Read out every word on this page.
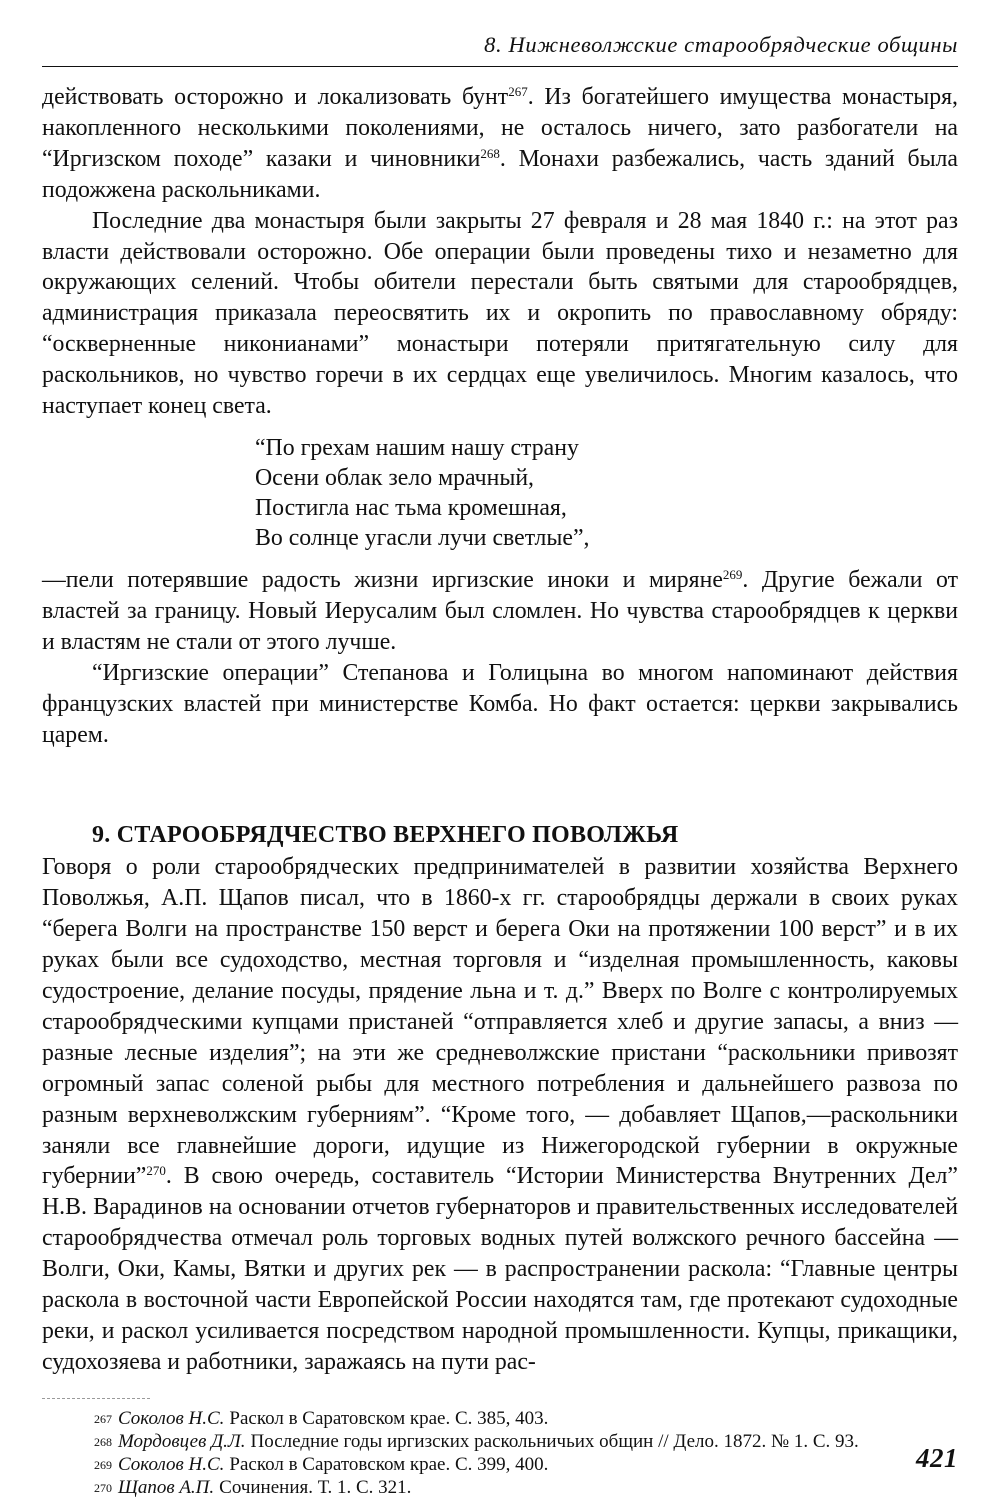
8. Нижневолжские старообрядческие общины

действовать осторожно и локализовать бунт$^{267}$. Из богатейшего имущества монастыря, накопленного несколькими поколениями, не осталось ничего, зато разбогатели на “Иргизском походе” казаки и чиновники$^{268}$. Монахи разбежались, часть зданий была подожжена раскольниками.

Последние два монастыря были закрыты 27 февраля и 28 мая 1840 г.: на этот раз власти действовали осторожно. Обе операции были проведены тихо и незаметно для окружающих селений. Чтобы обители перестали быть святыми для старообрядцев, администрация приказала переосвятить их и окропить по православному обряду: “оскверненные никонианами” монастыри потеряли притягательную силу для раскольников, но чувство горечи в их сердцах еще увеличилось. Многим казалось, что наступает конец света.

“По грехам нашим нашу страну
Осени облак зело мрачный,
Постигла нас тьма кромешная,
Во солнце угасли лучи светлые”,

—пели потерявшие радость жизни иргизские иноки и миряне$^{269}$. Другие бежали от властей за границу. Новый Иерусалим был сломлен. Но чувства старообрядцев к церкви и властям не стали от этого лучше.

“Иргизские операции” Степанова и Голицына во многом напоминают действия французских властей при министерстве Комба. Но факт остается: церкви закрывались царем.

9. СТАРООБРЯДЧЕСТВО ВЕРХНЕГО ПОВОЛЖЬЯ

Говоря о роли старообрядческих предпринимателей в развитии хозяйства Верхнего Поволжья, А.П. Щапов писал, что в 1860-х гг. старообрядцы держали в своих руках “берега Волги на пространстве 150 верст и берега Оки на протяжении 100 верст” и в их руках были все судоходство, местная торговля и “изделная промышленность, каковы судостроение, делание посуды, прядение льна и т. д.” Вверх по Волге с контролируемых старообрядческими купцами пристаней “отправляется хлеб и другие запасы, а вниз — разные лесные изделия”; на эти же средневолжские пристани “раскольники привозят огромный запас соленой рыбы для местного потребления и дальнейшего развоза по разным верхневолжским губерниям”. “Кроме того, — добавляет Щапов,—раскольники заняли все главнейшие дороги, идущие из Нижегородской губернии в окружные губернии”$^{270}$. В свою очередь, составитель “Истории Министерства Внутренних Дел” Н.В. Варадинов на основании отчетов губернаторов и правительственных исследователей старообрядчества отмечал роль торговых водных путей волжского речного бассейна — Волги, Оки, Камы, Вятки и других рек — в распространении раскола: “Главные центры раскола в восточной части Европейской России находятся там, где протекают судоходные реки, и раскол усиливается посредством народной промышленности. Купцы, прикащики, судохозяева и работники, заражаясь на пути рас-

$^{267}$ Соколов Н.С. Раскол в Саратовском крае. С. 385, 403.
$^{268}$ Мордовцев Д.Л. Последние годы иргизских раскольничьих общин // Дело. 1872. № 1. С. 93.
$^{269}$ Соколов Н.С. Раскол в Саратовском крае. С. 399, 400.
$^{270}$ Щапов А.П. Сочинения. Т. 1. С. 321.
421
